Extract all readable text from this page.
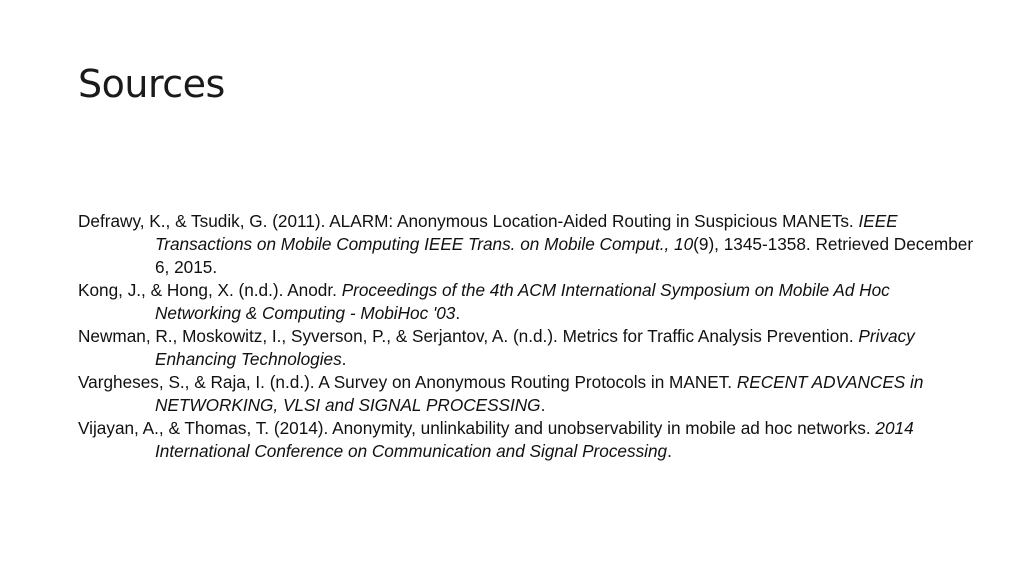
Sources

Defrawy, K., & Tsudik, G. (2011). ALARM: Anonymous Location-Aided Routing in Suspicious MANETs. IEEE Transactions on Mobile Computing IEEE Trans. on Mobile Comput., 10(9), 1345-1358. Retrieved December 6, 2015.

Kong, J., & Hong, X. (n.d.). Anodr. Proceedings of the 4th ACM International Symposium on Mobile Ad Hoc Networking & Computing - MobiHoc '03.

Newman, R., Moskowitz, I., Syverson, P., & Serjantov, A. (n.d.). Metrics for Traffic Analysis Prevention. Privacy Enhancing Technologies.

Vargheses, S., & Raja, I. (n.d.). A Survey on Anonymous Routing Protocols in MANET. RECENT ADVANCES in NETWORKING, VLSI and SIGNAL PROCESSING.

Vijayan, A., & Thomas, T. (2014). Anonymity, unlinkability and unobservability in mobile ad hoc networks. 2014 International Conference on Communication and Signal Processing.
